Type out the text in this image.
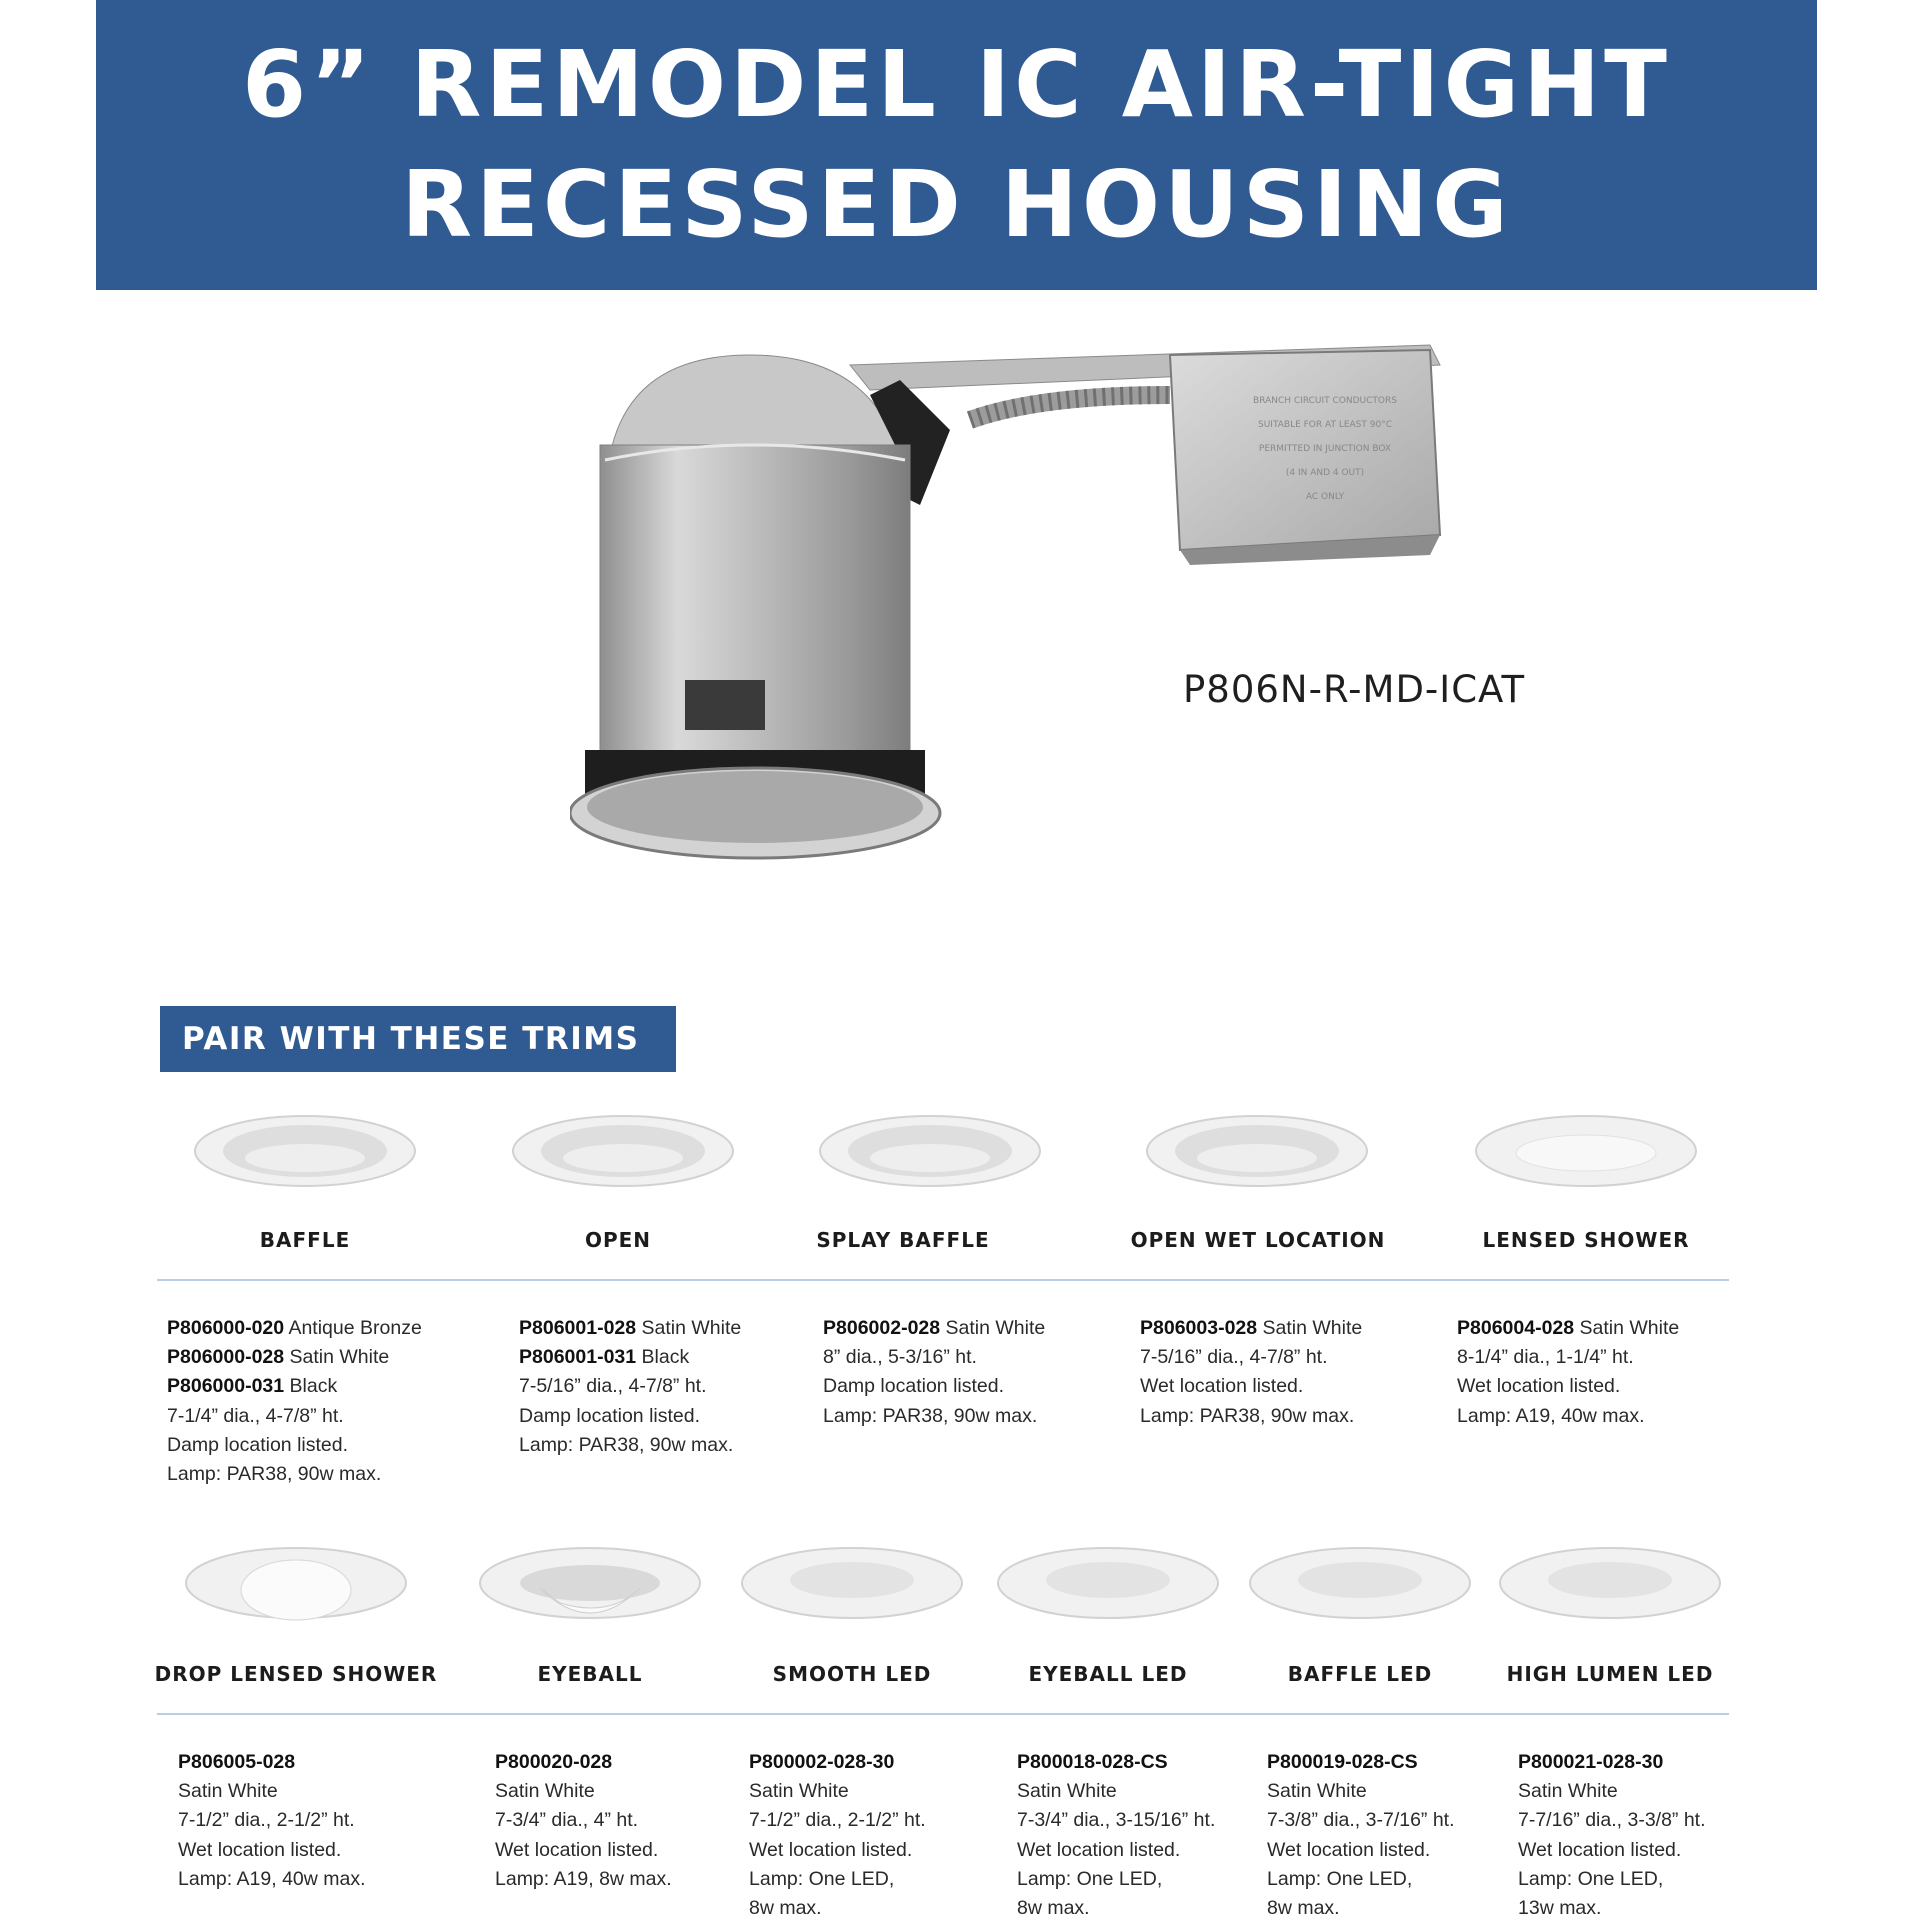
6” REMODEL IC AIR-TIGHT
RECESSED HOUSING
BRANCH CIRCUIT CONDUCTORS
SUITABLE FOR AT LEAST 90°C
PERMITTED IN JUNCTION BOX
(4 IN AND 4 OUT)
AC ONLY
P806N-R-MD-ICAT
PAIR WITH THESE TRIMS
BAFFLE
P806000-020 Antique Bronze
P806000-028 Satin White
P806000-031 Black
7-1/4” dia., 4-7/8” ht.
Damp location listed.
Lamp: PAR38, 90w max.
OPEN
P806001-028 Satin White
P806001-031 Black
7-5/16” dia., 4-7/8” ht.
Damp location listed.
Lamp: PAR38, 90w max.
SPLAY BAFFLE
P806002-028 Satin White
8” dia., 5-3/16” ht.
Damp location listed.
Lamp: PAR38, 90w max.
OPEN WET LOCATION
P806003-028 Satin White
7-5/16” dia., 4-7/8” ht.
Wet location listed.
Lamp: PAR38, 90w max.
LENSED SHOWER
P806004-028 Satin White
8-1/4” dia., 1-1/4” ht.
Wet location listed.
Lamp: A19, 40w max.
DROP LENSED SHOWER
P806005-028
Satin White
7-1/2” dia., 2-1/2” ht.
Wet location listed.
Lamp: A19, 40w max.
EYEBALL
P800020-028
Satin White
7-3/4” dia., 4” ht.
Wet location listed.
Lamp: A19, 8w max.
SMOOTH LED
P800002-028-30
Satin White
7-1/2” dia., 2-1/2” ht.
Wet location listed.
Lamp: One LED,
8w max.
EYEBALL LED
P800018-028-CS
Satin White
7-3/4” dia., 3-15/16” ht.
Wet location listed.
Lamp: One LED,
8w max.
BAFFLE LED
P800019-028-CS
Satin White
7-3/8” dia., 3-7/16” ht.
Wet location listed.
Lamp: One LED,
8w max.
HIGH LUMEN LED
P800021-028-30
Satin White
7-7/16” dia., 3-3/8” ht.
Wet location listed.
Lamp: One LED,
13w max.
